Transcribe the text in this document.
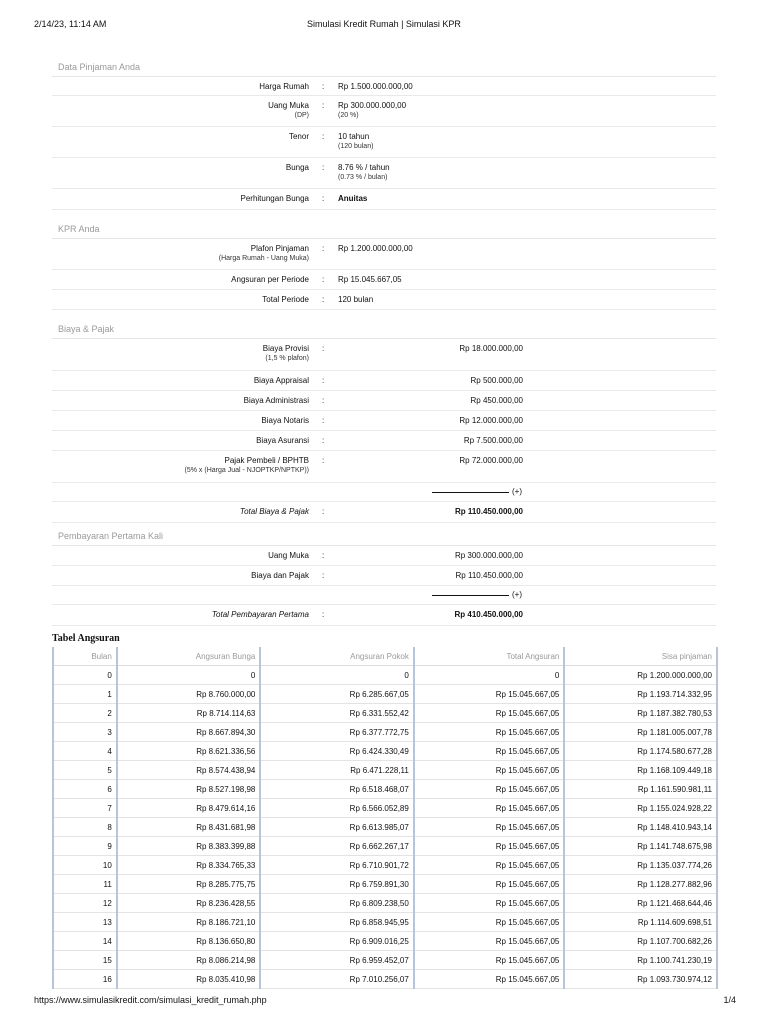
2/14/23, 11:14 AM	Simulasi Kredit Rumah | Simulasi KPR
Data Pinjaman Anda
Harga Rumah : Rp 1.500.000.000,00
Uang Muka
(DP)
: Rp 300.000.000,00
(20 %)
Tenor : 10 tahun
(120 bulan)
Bunga : 8.76 % / tahun
(0.73 % / bulan)
Perhitungan Bunga : Anuitas
KPR Anda
Plafon Pinjaman
(Harga Rumah - Uang Muka)
: Rp 1.200.000.000,00
Angsuran per Periode : Rp 15.045.667,05
Total Periode : 120 bulan
Biaya & Pajak
Biaya Provisi
(1,5 % plafon)
:	Rp 18.000.000,00
Biaya Appraisal :	Rp 500.000,00
Biaya Administrasi :	Rp 450.000,00
Biaya Notaris :	Rp 12.000.000,00
Biaya Asuransi :	Rp 7.500.000,00
Pajak Pembeli / BPHTB
(5% x (Harga Jual - NJOPTKP/NPTKP))
:	Rp 72.000.000,00
(+)
Total Biaya & Pajak :	Rp 110.450.000,00
Pembayaran Pertama Kali
Uang Muka :	Rp 300.000.000,00
Biaya dan Pajak :	Rp 110.450.000,00
(+)
Total Pembayaran Pertama :	Rp 410.450.000,00
Tabel Angsuran
Bulan	Angsuran Bunga	Angsuran Pokok	Total Angsuran	Sisa pinjaman
0	0	0	0	Rp 1.200.000.000,00
1	Rp 8.760.000,00	Rp 6.285.667,05	Rp 15.045.667,05	Rp 1.193.714.332,95
2	Rp 8.714.114,63	Rp 6.331.552,42	Rp 15.045.667,05	Rp 1.187.382.780,53
3	Rp 8.667.894,30	Rp 6.377.772,75	Rp 15.045.667,05	Rp 1.181.005.007,78
4	Rp 8.621.336,56	Rp 6.424.330,49	Rp 15.045.667,05	Rp 1.174.580.677,28
5	Rp 8.574.438,94	Rp 6.471.228,11	Rp 15.045.667,05	Rp 1.168.109.449,18
6	Rp 8.527.198,98	Rp 6.518.468,07	Rp 15.045.667,05	Rp 1.161.590.981,11
7	Rp 8.479.614,16	Rp 6.566.052,89	Rp 15.045.667,05	Rp 1.155.024.928,22
8	Rp 8.431.681,98	Rp 6.613.985,07	Rp 15.045.667,05	Rp 1.148.410.943,14
9	Rp 8.383.399,88	Rp 6.662.267,17	Rp 15.045.667,05	Rp 1.141.748.675,98
10	Rp 8.334.765,33	Rp 6.710.901,72	Rp 15.045.667,05	Rp 1.135.037.774,26
11	Rp 8.285.775,75	Rp 6.759.891,30	Rp 15.045.667,05	Rp 1.128.277.882,96
12	Rp 8.236.428,55	Rp 6.809.238,50	Rp 15.045.667,05	Rp 1.121.468.644,46
13	Rp 8.186.721,10	Rp 6.858.945,95	Rp 15.045.667,05	Rp 1.114.609.698,51
14	Rp 8.136.650,80	Rp 6.909.016,25	Rp 15.045.667,05	Rp 1.107.700.682,26
15	Rp 8.086.214,98	Rp 6.959.452,07	Rp 15.045.667,05	Rp 1.100.741.230,19
16	Rp 8.035.410,98	Rp 7.010.256,07	Rp 15.045.667,05	Rp 1.093.730.974,12
https://www.simulasikredit.com/simulasi_kredit_rumah.php	1/4
